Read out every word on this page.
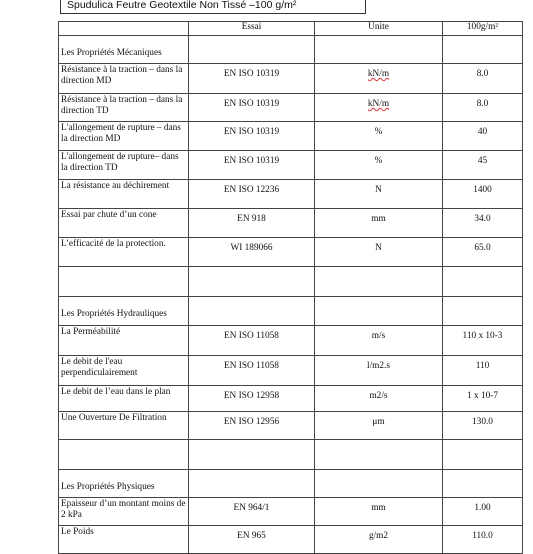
Spudulica Feutre Geotextile Non Tissé –100 g/m²
	Essai	Unite	100g/m²
Les Propriétés Mécaniques			
Résistance à la traction – dans la direction MD	EN ISO 10319	kN/m	8.0
Résistance à la traction – dans la direction TD	EN ISO 10319	kN/m	8.0
L'allongement de rupture – dans la direction MD	EN ISO 10319	%	40
L'allongement de rupture– dans la direction TD	EN ISO 10319	%	45
La résistance au déchirement	EN ISO 12236	N	1400
Essai par chute d’un cone	EN 918	mm	34.0
L’efficacité de la protection.	WI 189066	N	65.0

Les Propriétés Hydrauliques			
La Perméabilité	EN ISO 11058	m/s	110 x 10-3
Le debit de l'eau perpendiculairement	EN ISO 11058	l/m2.s	110
Le debit de l’eau dans le plan	EN ISO 12958	m2/s	1 x 10-7
Une Ouverture De Filtration	EN ISO 12956	μm	130.0

Les Propriétés Physiques			
Epaisseur d’un montant moins de 2 kPa	EN 964/1	mm	1.00
Le Poids	EN 965	g/m2	110.0
